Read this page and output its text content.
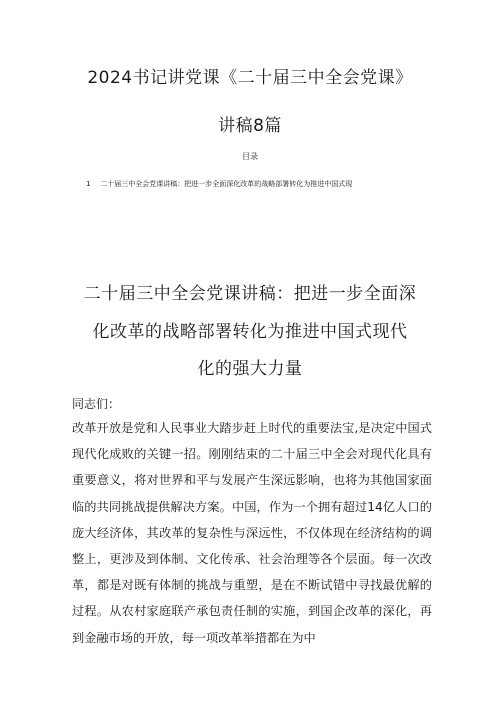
2024书记讲党课《二十届三中全会党课》
讲稿8篇
目录
1 二十届三中全会党课讲稿：把进一步全面深化改革的战略部署转化为推进中国式现
二十届三中全会党课讲稿：把进一步全面深
化改革的战略部署转化为推进中国式现代
化的强大力量
同志们：
改革开放是党和人民事业大踏步赶上时代的重要法宝,是决定中国式现代化成败的关键一招。刚刚结束的二十届三中全会对现代化具有重要意义，将对世界和平与发展产生深远影响，也将为其他国家面临的共同挑战提供解决方案。中国，作为一个拥有超过14亿人口的庞大经济体，其改革的复杂性与深远性，不仅体现在经济结构的调整上，更涉及到体制、文化传承、社会治理等各个层面。每一次改革，都是对既有体制的挑战与重塑，是在不断试错中寻找最优解的过程。从农村家庭联产承包责任制的实施，到国企改革的深化，再到金融市场的开放，每一项改革举措都在为中
